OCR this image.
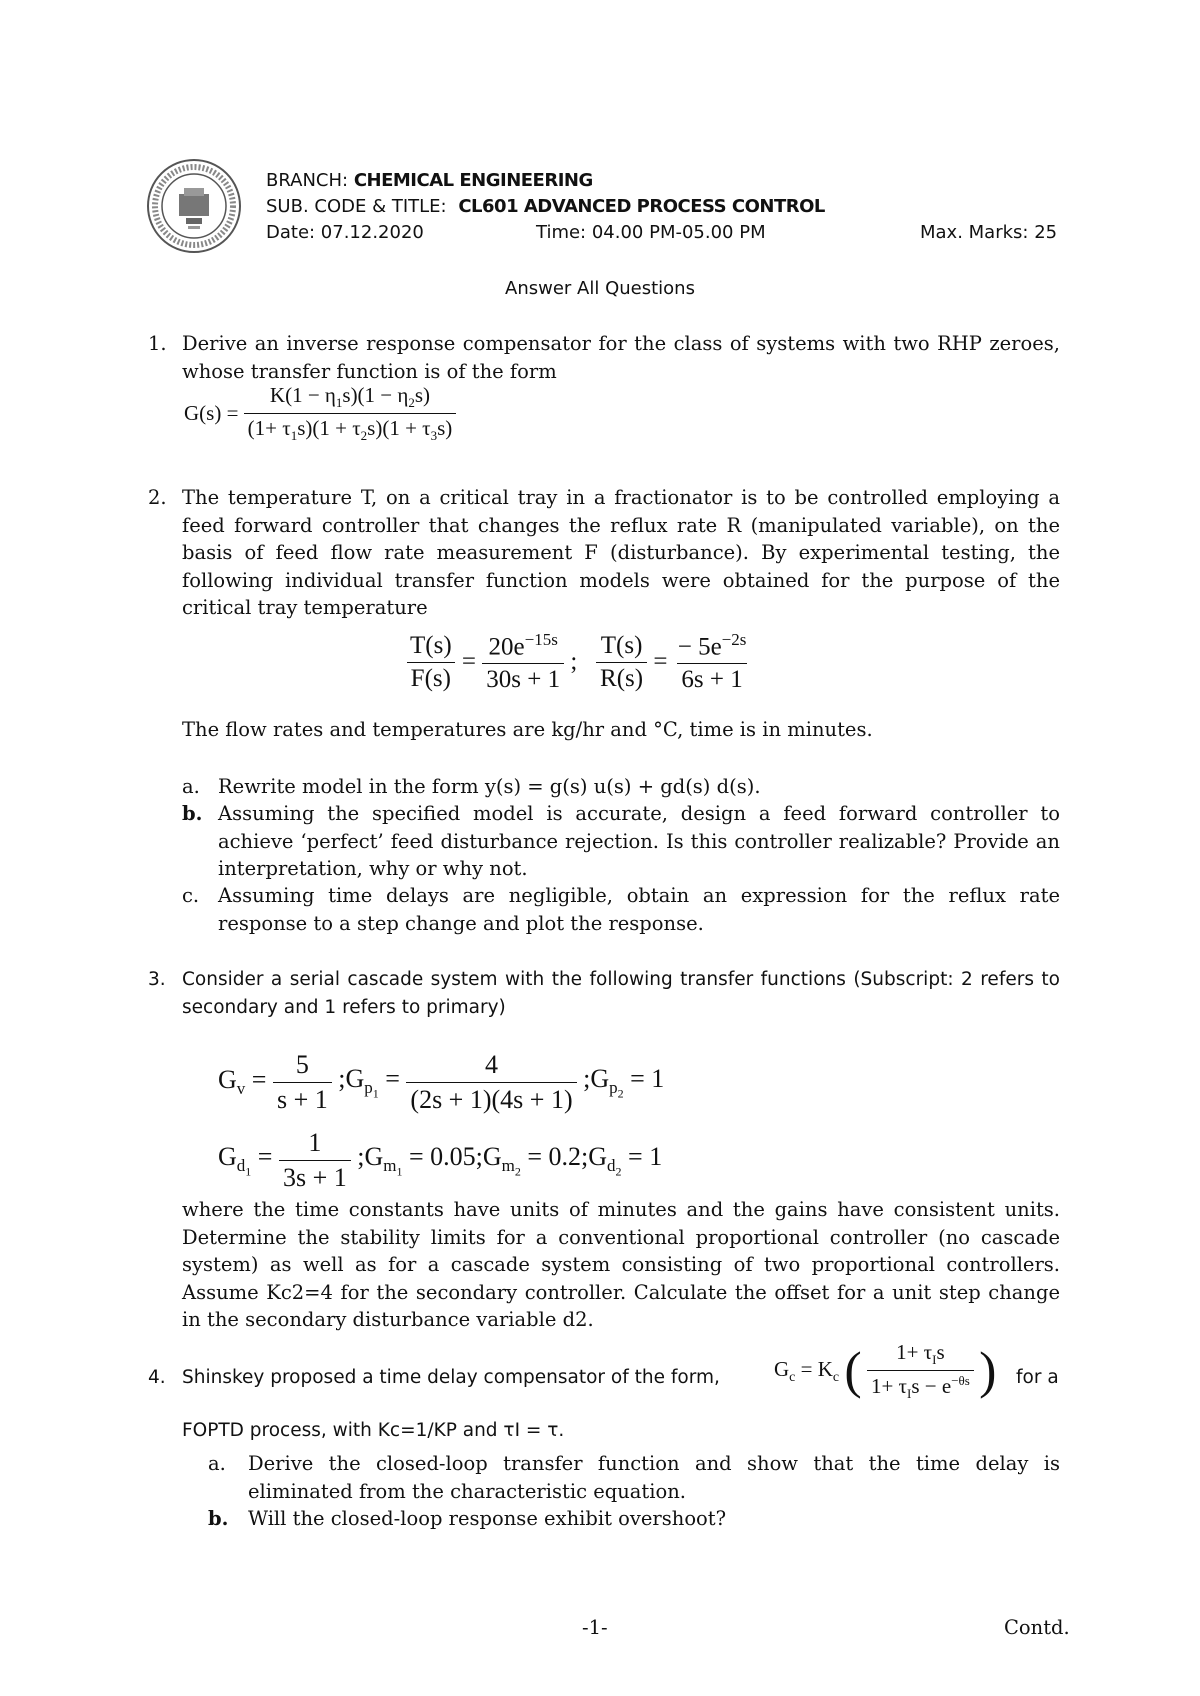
BRANCH: CHEMICAL ENGINEERING
SUB. CODE & TITLE: CL601 ADVANCED PROCESS CONTROL
Date: 07.12.2020	Time: 04.00 PM-05.00 PM	Max. Marks: 25
Answer All Questions
1. Derive an inverse response compensator for the class of systems with two RHP zeroes, whose transfer function is of the form
$G(s) = \frac{K(1 - \eta_1s)(1 - \eta_2s)}{(1+ \tau_1s)(1 + \tau_2s)(1 + \tau_3s)}$
2. The temperature T, on a critical tray in a fractionator is to be controlled employing a feed forward controller that changes the reflux rate R (manipulated variable), on the basis of feed flow rate measurement F (disturbance). By experimental testing, the following individual transfer function models were obtained for the purpose of the critical tray temperature
$\frac{T(s)}{F(s)} = \frac{20e^{-15s}}{30s + 1}$ ; $\frac{T(s)}{R(s)} = \frac{- 5e^{-2s}}{6s + 1}$
The flow rates and temperatures are kg/hr and °C, time is in minutes.
a. Rewrite model in the form y(s) = g(s) u(s) + gd(s) d(s).
b. Assuming the specified model is accurate, design a feed forward controller to achieve ‘perfect’ feed disturbance rejection. Is this controller realizable? Provide an interpretation, why or why not.
c. Assuming time delays are negligible, obtain an expression for the reflux rate response to a step change and plot the response.
3. Consider a serial cascade system with the following transfer functions (Subscript: 2 refers to secondary and 1 refers to primary)
$G_v = \frac{5}{s + 1}$ $;G_{p_1} = \frac{4}{(2s + 1)(4s + 1)}$ $;G_{p_2} = 1$
$G_{d_1} = \frac{1}{3s + 1}$ $;G_{m_1}$ = $0.05;G_{m_2}$ = $0.2;G_{d_2} = 1$
where the time constants have units of minutes and the gains have consistent units. Determine the stability limits for a conventional proportional controller (no cascade system) as well as for a cascade system consisting of two proportional controllers. Assume Kc2=4 for the secondary controller. Calculate the offset for a unit step change in the secondary disturbance variable d2.
4. Shinskey proposed a time delay compensator of the form,	for a
$G_c = K_c$ ( $\frac{1+ \tau_Is}{1+ \tau_Is - e^{-\theta s}}$ )
FOPTD process, with Kc=1/KP and τI = τ.
a. Derive the closed-loop transfer function and show that the time delay is eliminated from the characteristic equation.
b. Will the closed-loop response exhibit overshoot?
-1-	Contd.
